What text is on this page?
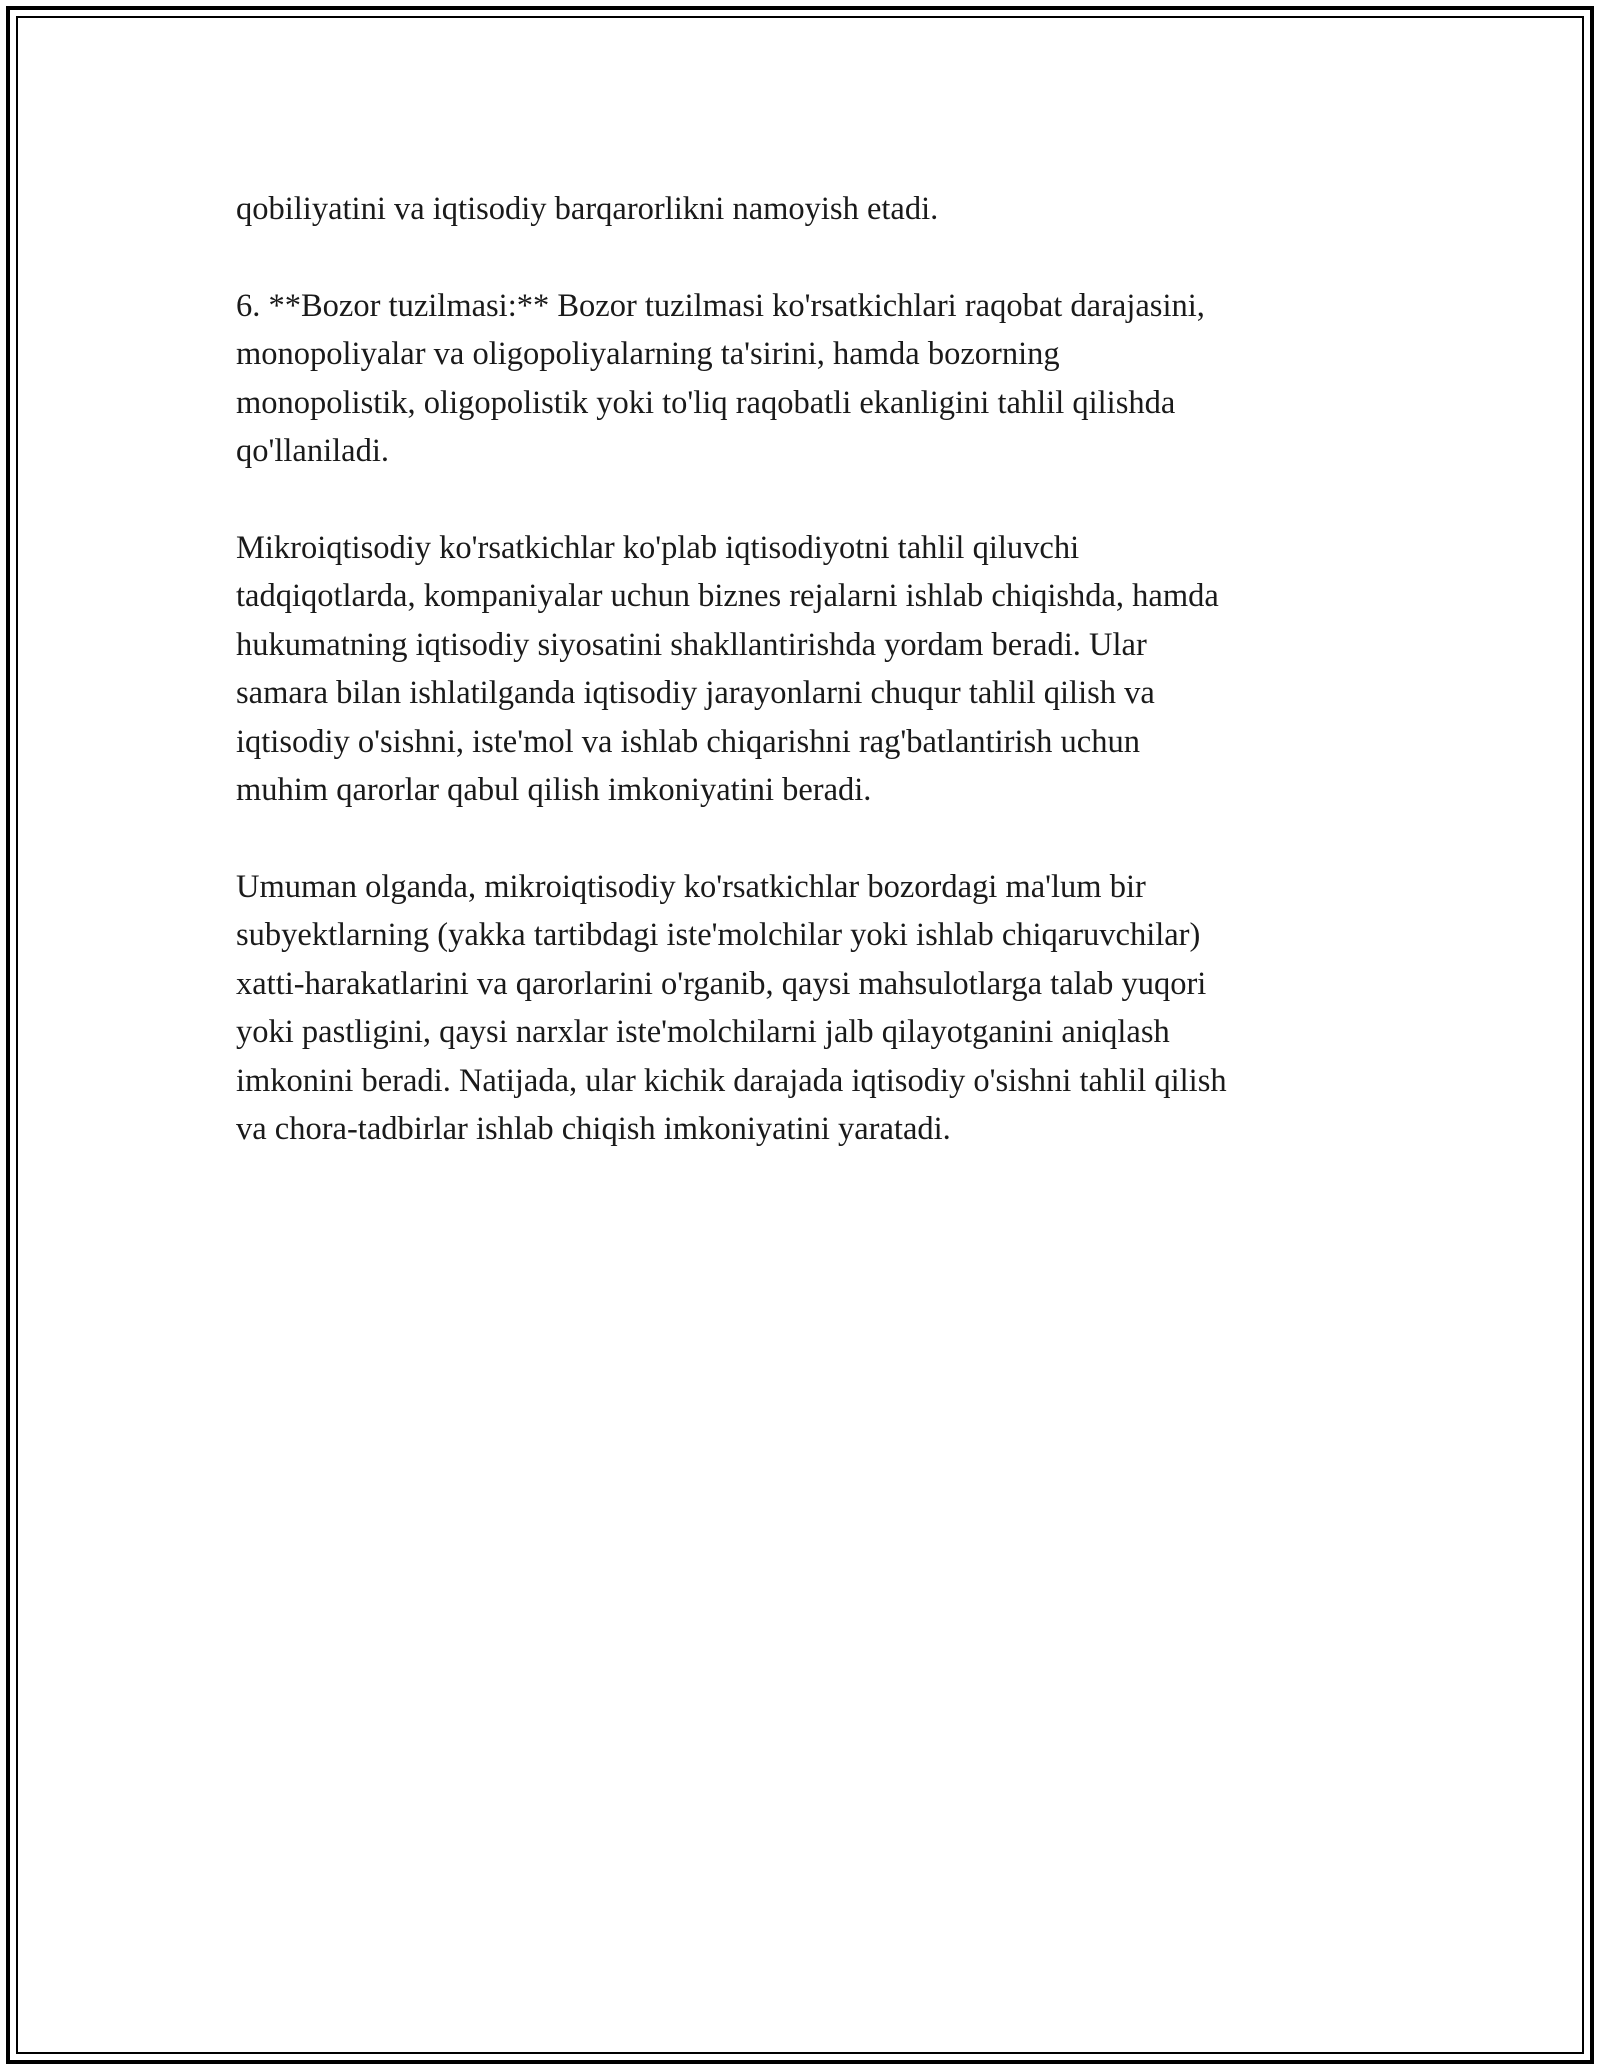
qobiliyatini va iqtisodiy barqarorlikni namoyish etadi.

6. **Bozor tuzilmasi:** Bozor tuzilmasi ko'rsatkichlari raqobat darajasini,
monopoliyalar va oligopoliyalarning ta'sirini, hamda bozorning
monopolistik, oligopolistik yoki to'liq raqobatli ekanligini tahlil qilishda
qo'llaniladi.

Mikroiqtisodiy ko'rsatkichlar ko'plab iqtisodiyotni tahlil qiluvchi
tadqiqotlarda, kompaniyalar uchun biznes rejalarni ishlab chiqishda, hamda
hukumatning iqtisodiy siyosatini shakllantirishda yordam beradi. Ular
samara bilan ishlatilganda iqtisodiy jarayonlarni chuqur tahlil qilish va
iqtisodiy o'sishni, iste'mol va ishlab chiqarishni rag'batlantirish uchun
muhim qarorlar qabul qilish imkoniyatini beradi.

Umuman olganda, mikroiqtisodiy ko'rsatkichlar bozordagi ma'lum bir
subyektlarning (yakka tartibdagi iste'molchilar yoki ishlab chiqaruvchilar)
xatti-harakatlarini va qarorlarini o'rganib, qaysi mahsulotlarga talab yuqori
yoki pastligini, qaysi narxlar iste'molchilarni jalb qilayotganini aniqlash
imkonini beradi. Natijada, ular kichik darajada iqtisodiy o'sishni tahlil qilish
va chora-tadbirlar ishlab chiqish imkoniyatini yaratadi.
